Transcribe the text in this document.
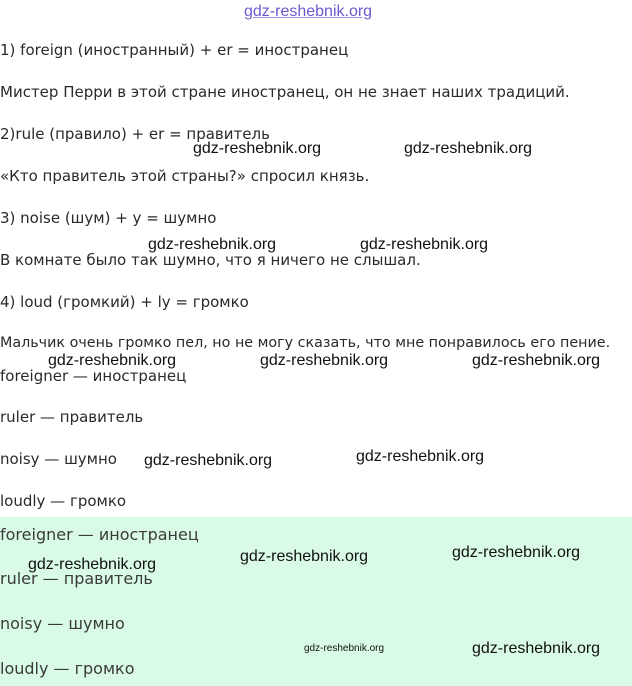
gdz-reshebnik.org

1) foreign (иностранный) + er = иностранец

Мистер Перри в этой стране иностранец, он не знает наших традиций.

2)rule (правило) + er = правитель

«Кто правитель этой страны?» спросил князь.

3) noise (шум) + y = шумно

В комнате было так шумно, что я ничего не слышал.

4) loud (громкий) + ly = громко

Мальчик очень громко пел, но не могу сказать, что мне понравилось его пение.

foreigner — иностранец

ruler — правитель

noisy — шумно

loudly — громко

foreigner — иностранец

ruler — правитель

noisy — шумно

loudly — громко

gdz-reshebnik.org	gdz-reshebnik.org
gdz-reshebnik.org	gdz-reshebnik.org
gdz-reshebnik.org	gdz-reshebnik.org	gdz-reshebnik.org
gdz-reshebnik.org	gdz-reshebnik.org
gdz-reshebnik.org	gdz-reshebnik.org
gdz-reshebnik.org
gdz-reshebnik.org	gdz-reshebnik.org
